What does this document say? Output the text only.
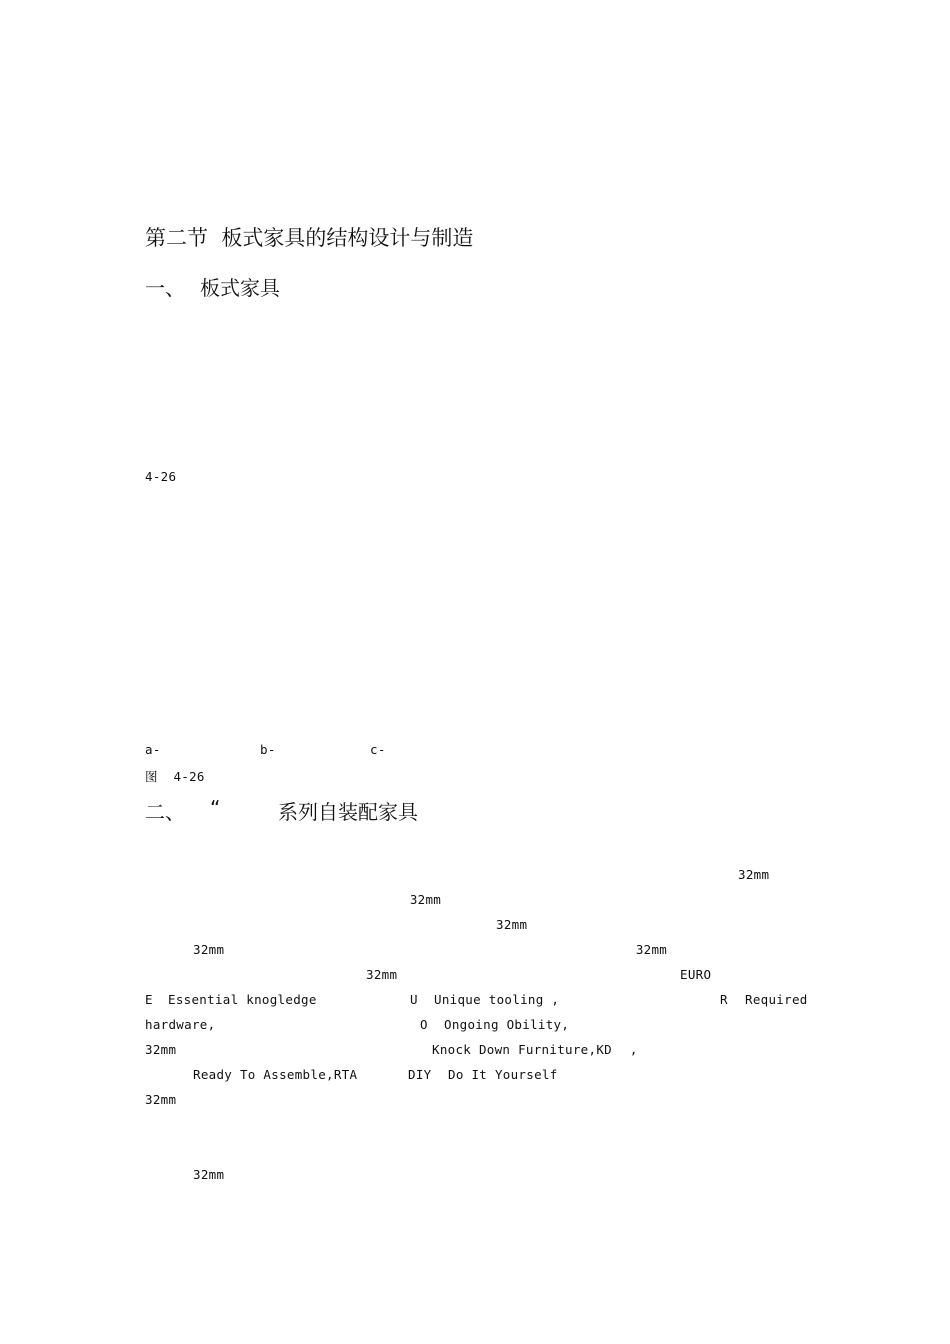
第二节  板式家具的结构设计与制造
一、 板式家具
4-26
a-	b-	c-
图  4-26
二、 “	系列自装配家具
32mm
32mm
32mm
32mm	32mm
32mm	EURO
E Essential knogledge	U Unique tooling ,	R Required
hardware,	O Ongoing Obility,
32mm	Knock Down Furniture,KD ,
Ready To Assemble,RTA	DIY Do It Yourself
32mm
32mm
